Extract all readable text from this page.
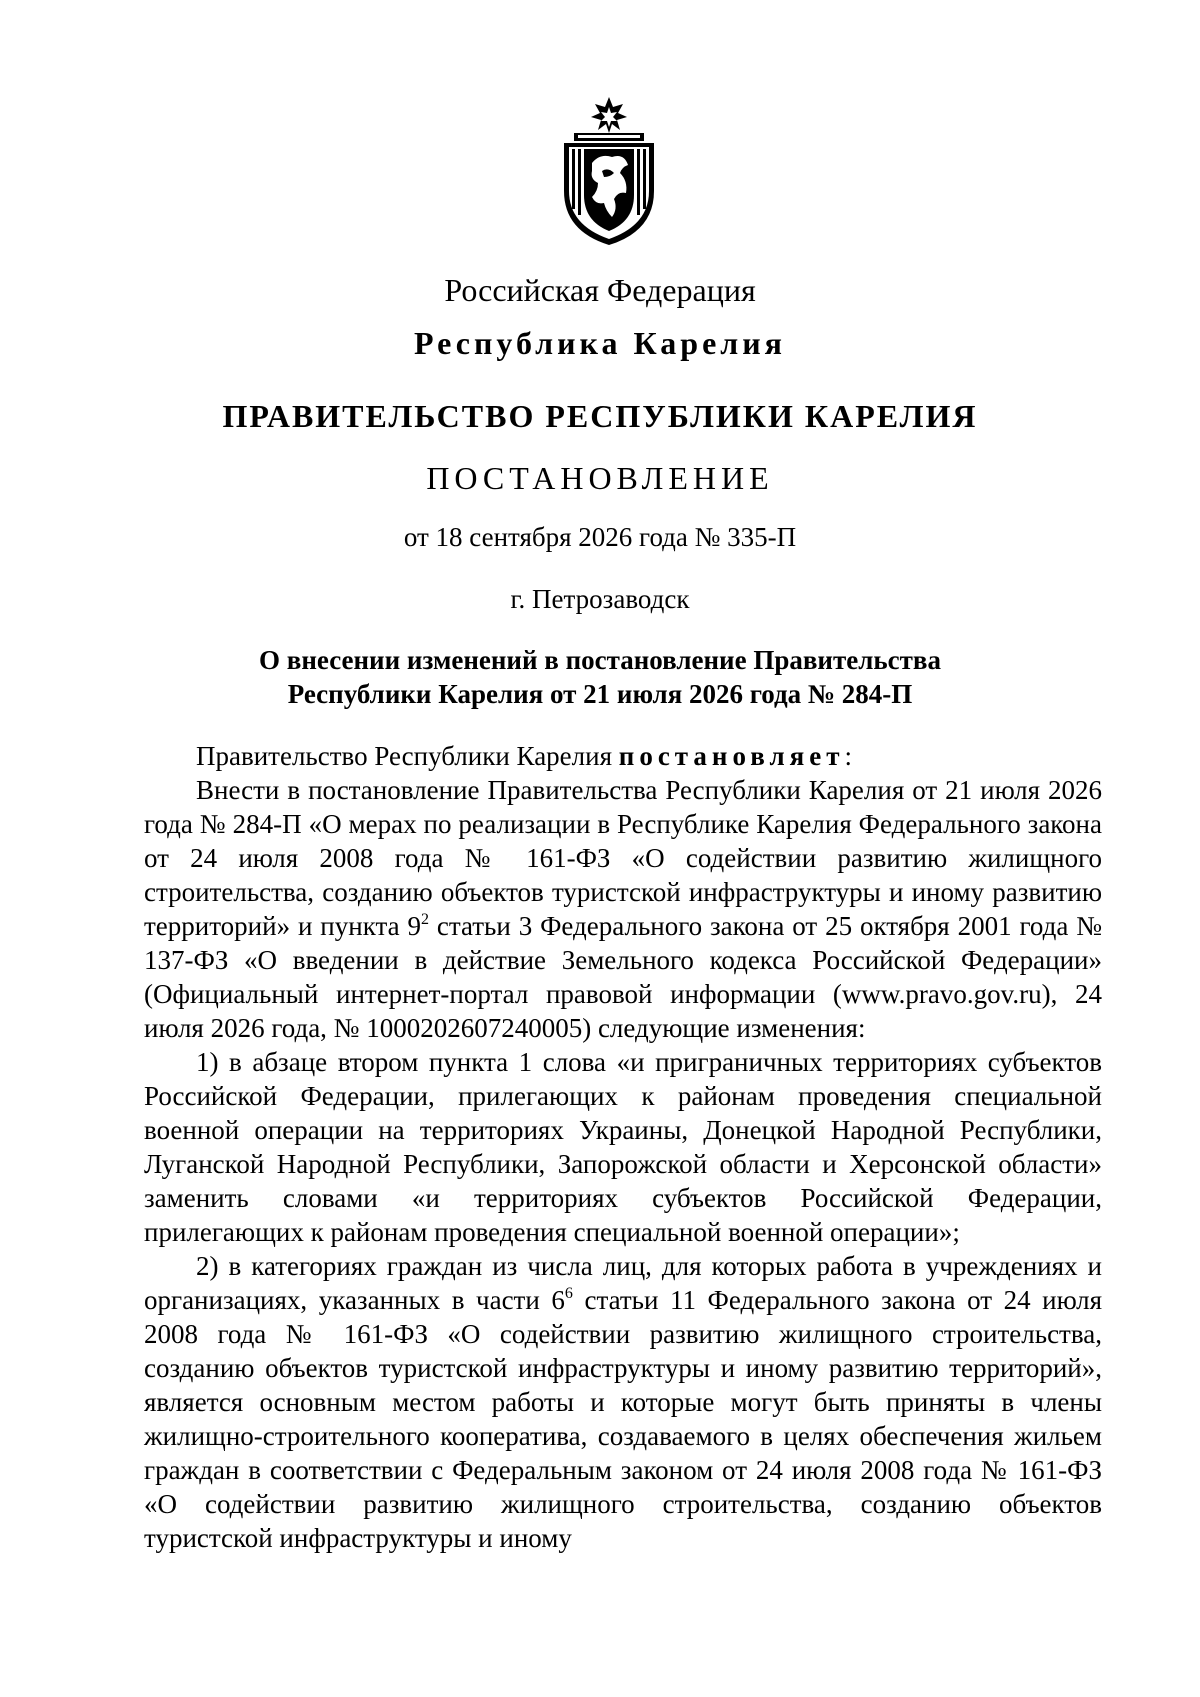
Российская Федерация
Республика Карелия
ПРАВИТЕЛЬСТВО РЕСПУБЛИКИ КАРЕЛИЯ
ПОСТАНОВЛЕНИЕ
от 18 сентября 2026 года № 335-П
г. Петрозаводск
О внесении изменений в постановление Правительства
Республики Карелия от 21 июля 2026 года № 284-П

Правительство Республики Карелия постановляет:

Внести в постановление Правительства Республики Карелия от 21 июля 2026 года № 284-П «О мерах по реализации в Республике Карелия Федерального закона от 24 июля 2008 года № 161-ФЗ «О содействии развитию жилищного строительства, созданию объектов туристской инфраструктуры и иному развитию территорий» и пункта $9^2$ статьи 3 Федерального закона от 25 октября 2001 года № 137-ФЗ «О введении в действие Земельного кодекса Российской Федерации» (Официальный интернет-портал правовой информации (www.pravo.gov.ru), 24 июля 2026 года, № 1000202607240005) следующие изменения:

1) в абзаце втором пункта 1 слова «и приграничных территориях субъектов Российской Федерации, прилегающих к районам проведения специальной военной операции на территориях Украины, Донецкой Народной Республики, Луганской Народной Республики, Запорожской области и Херсонской области» заменить словами «и территориях субъектов Российской Федерации, прилегающих к районам проведения специальной военной операции»;

2) в категориях граждан из числа лиц, для которых работа в учреждениях и организациях, указанных в части $6^6$ статьи 11 Федерального закона от 24 июля 2008 года № 161-ФЗ «О содействии развитию жилищного строительства, созданию объектов туристской инфраструктуры и иному развитию территорий», является основным местом работы и которые могут быть приняты в члены жилищно-строительного кооператива, создаваемого в целях обеспечения жильем граждан в соответствии с Федеральным законом от 24 июля 2008 года № 161-ФЗ «О содействии развитию жилищного строительства, созданию объектов туристской инфраструктуры и иному
